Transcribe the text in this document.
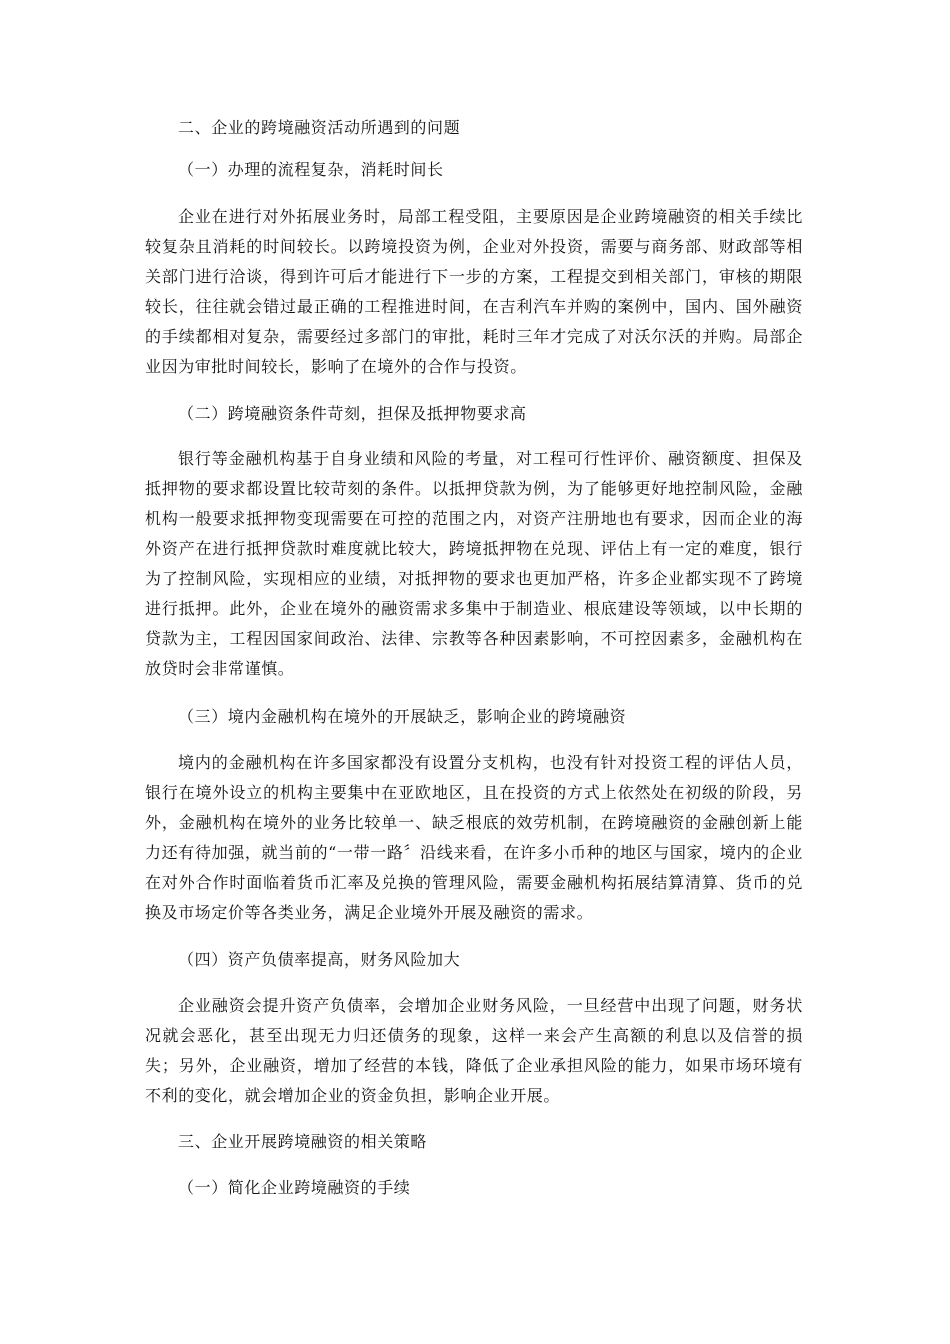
二、企业的跨境融资活动所遇到的问题

（一）办理的流程复杂，消耗时间长

企业在进行对外拓展业务时，局部工程受阻，主要原因是企业跨境融资的相关手续比较复杂且消耗的时间较长。以跨境投资为例，企业对外投资，需要与商务部、财政部等相关部门进行洽谈，得到许可后才能进行下一步的方案，工程提交到相关部门，审核的期限较长，往往就会错过最正确的工程推进时间，在吉利汽车并购的案例中，国内、国外融资的手续都相对复杂，需要经过多部门的审批，耗时三年才完成了对沃尔沃的并购。局部企业因为审批时间较长，影响了在境外的合作与投资。

（二）跨境融资条件苛刻，担保及抵押物要求高

银行等金融机构基于自身业绩和风险的考量，对工程可行性评价、融资额度、担保及抵押物的要求都设置比较苛刻的条件。以抵押贷款为例，为了能够更好地控制风险，金融机构一般要求抵押物变现需要在可控的范围之内，对资产注册地也有要求，因而企业的海外资产在进行抵押贷款时难度就比较大，跨境抵押物在兑现、评估上有一定的难度，银行为了控制风险，实现相应的业绩，对抵押物的要求也更加严格，许多企业都实现不了跨境进行抵押。此外，企业在境外的融资需求多集中于制造业、根底建设等领域，以中长期的贷款为主，工程因国家间政治、法律、宗教等各种因素影响，不可控因素多，金融机构在放贷时会非常谨慎。

（三）境内金融机构在境外的开展缺乏，影响企业的跨境融资

境内的金融机构在许多国家都没有设置分支机构，也没有针对投资工程的评估人员，银行在境外设立的机构主要集中在亚欧地区，且在投资的方式上依然处在初级的阶段，另外，金融机构在境外的业务比较单一、缺乏根底的效劳机制，在跨境融资的金融创新上能力还有待加强，就当前的“一带一路〞沿线来看，在许多小币种的地区与国家，境内的企业在对外合作时面临着货币汇率及兑换的管理风险，需要金融机构拓展结算清算、货币的兑换及市场定价等各类业务，满足企业境外开展及融资的需求。

（四）资产负债率提高，财务风险加大

企业融资会提升资产负债率，会增加企业财务风险，一旦经营中出现了问题，财务状况就会恶化，甚至出现无力归还债务的现象，这样一来会产生高额的利息以及信誉的损失；另外，企业融资，增加了经营的本钱，降低了企业承担风险的能力，如果市场环境有不利的变化，就会增加企业的资金负担，影响企业开展。

三、企业开展跨境融资的相关策略

（一）简化企业跨境融资的手续
